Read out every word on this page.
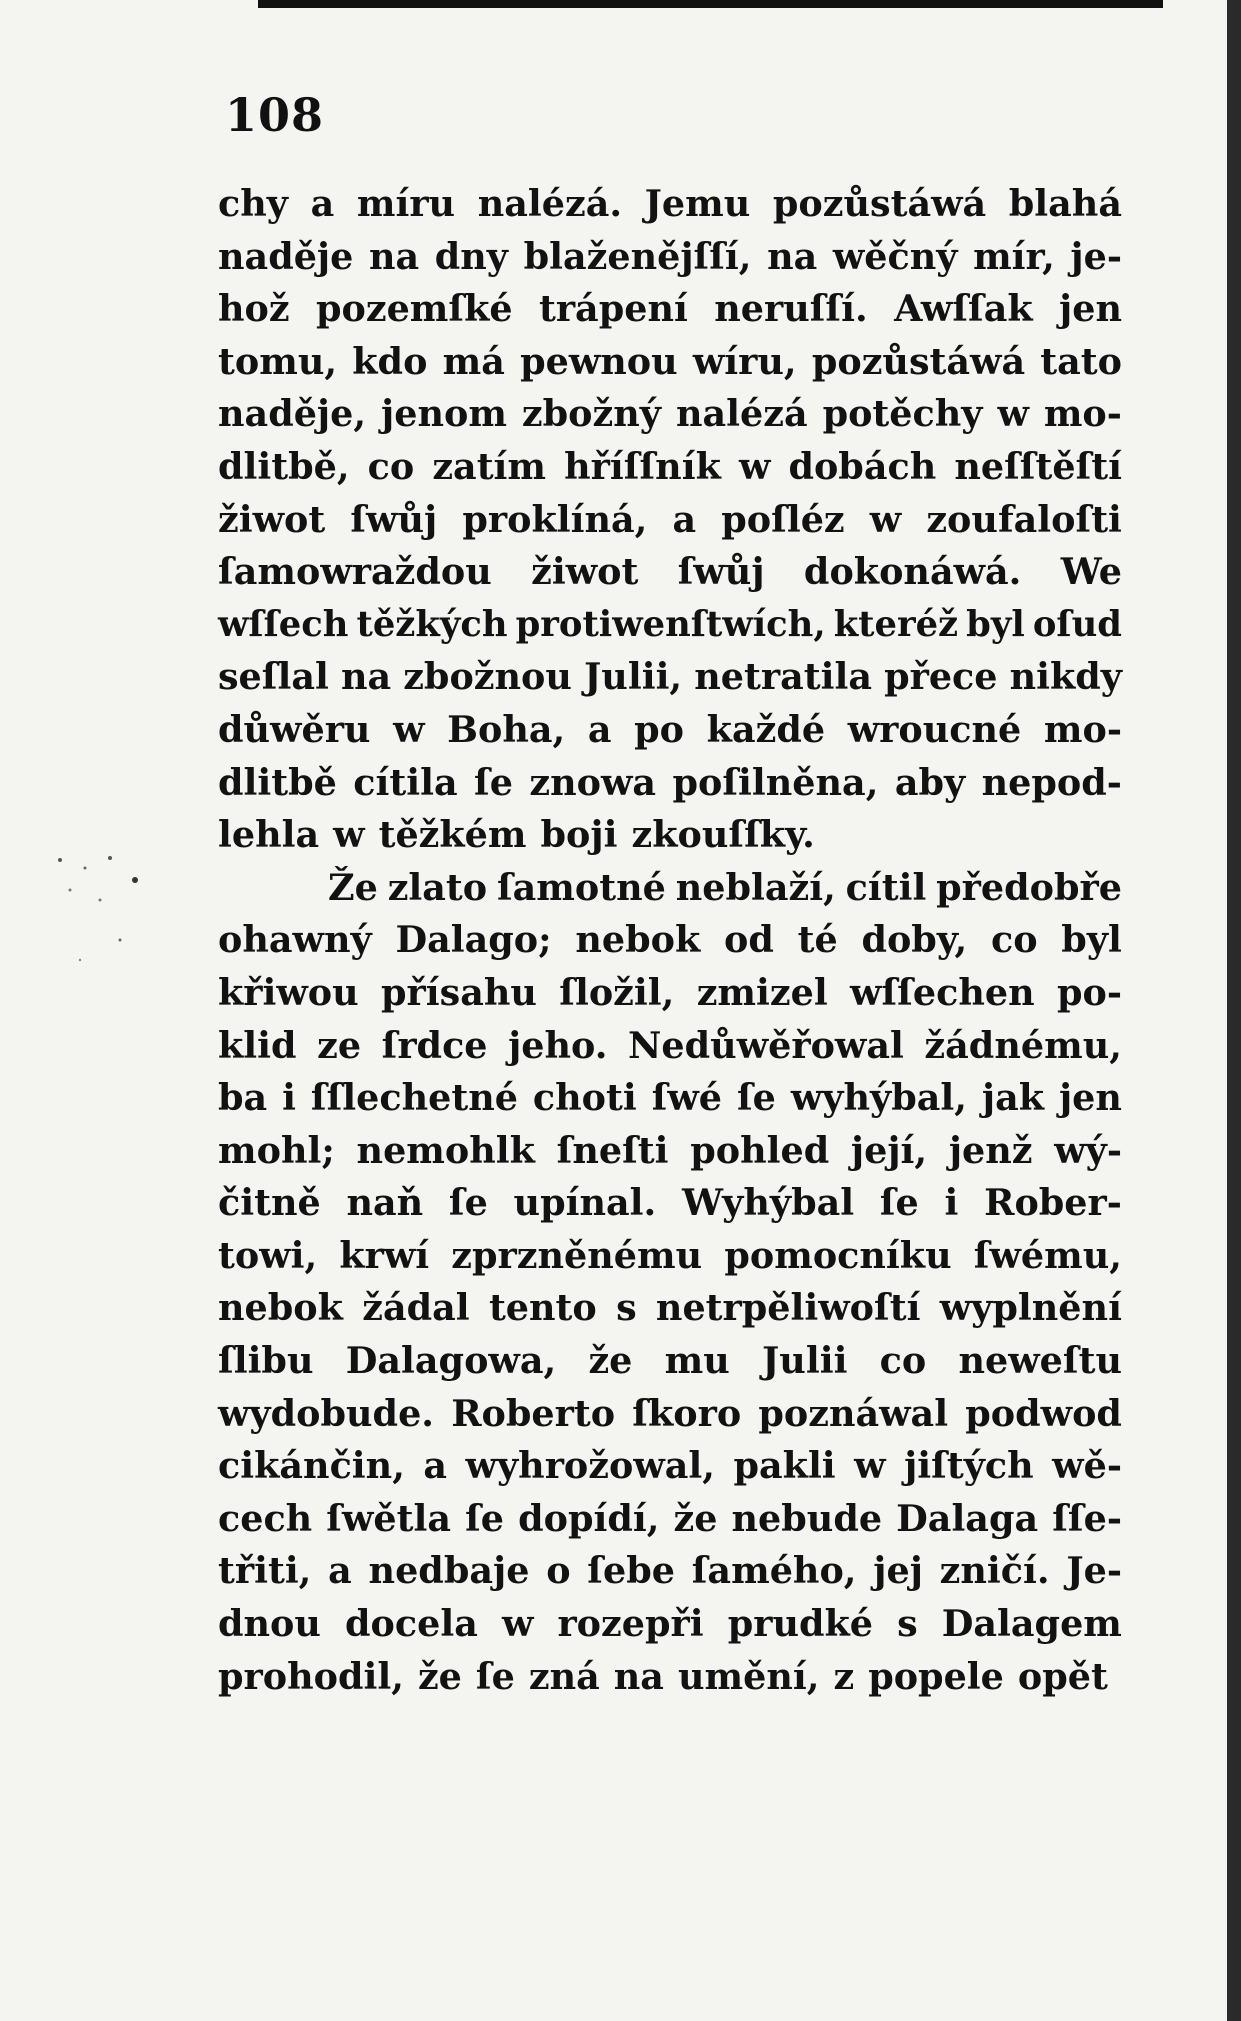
108
chy a míru nalézá. Jemu pozůstáwá blahá
naděje na dny blaženějſſí, na wěčný mír, je-
hož pozemſké trápení neruſſí. Awſſak jen
tomu, kdo má pewnou wíru, pozůstáwá tato
naděje, jenom zbožný nalézá potěchy w mo-
dlitbě, co zatím hříſſník w dobách neſſtěſtí
žiwot ſwůj proklíná, a poſléz w zoufaloſti
ſamowraždou žiwot ſwůj dokonáwá. We
wſſech těžkých protiwenſtwích, kteréž byl oſud
seſlal na zbožnou Julii, netratila přece nikdy
důwěru w Boha, a po každé wroucné mo-
dlitbě cítila ſe znowa poſilněna, aby nepod-
lehla w těžkém boji zkouſſky.
Že zlato ſamotné neblaží, cítil předobře
ohawný Dalago; nebok od té doby, co byl
křiwou přísahu ſložil, zmizel wſſechen po-
klid ze ſrdce jeho. Nedůwěřowal žádnému,
ba i ſſlechetné choti ſwé ſe wyhýbal, jak jen
mohl; nemohlk ſneſti pohled její, jenž wý-
čitně naň ſe upínal. Wyhýbal ſe i Rober-
towi, krwí zprzněnému pomocníku ſwému,
nebok žádal tento s netrpěliwoſtí wyplnění
ſlibu Dalagowa, že mu Julii co neweſtu
wydobude. Roberto ſkoro poznáwal podwod
cikánčin, a wyhrožowal, pakli w jiſtých wě-
cech ſwětla ſe dopídí, že nebude Dalaga ſſe-
třiti, a nedbaje o ſebe ſamého, jej zničí. Je-
dnou docela w rozepři prudké s Dalagem
prohodil, že ſe zná na umění, z popele opět
